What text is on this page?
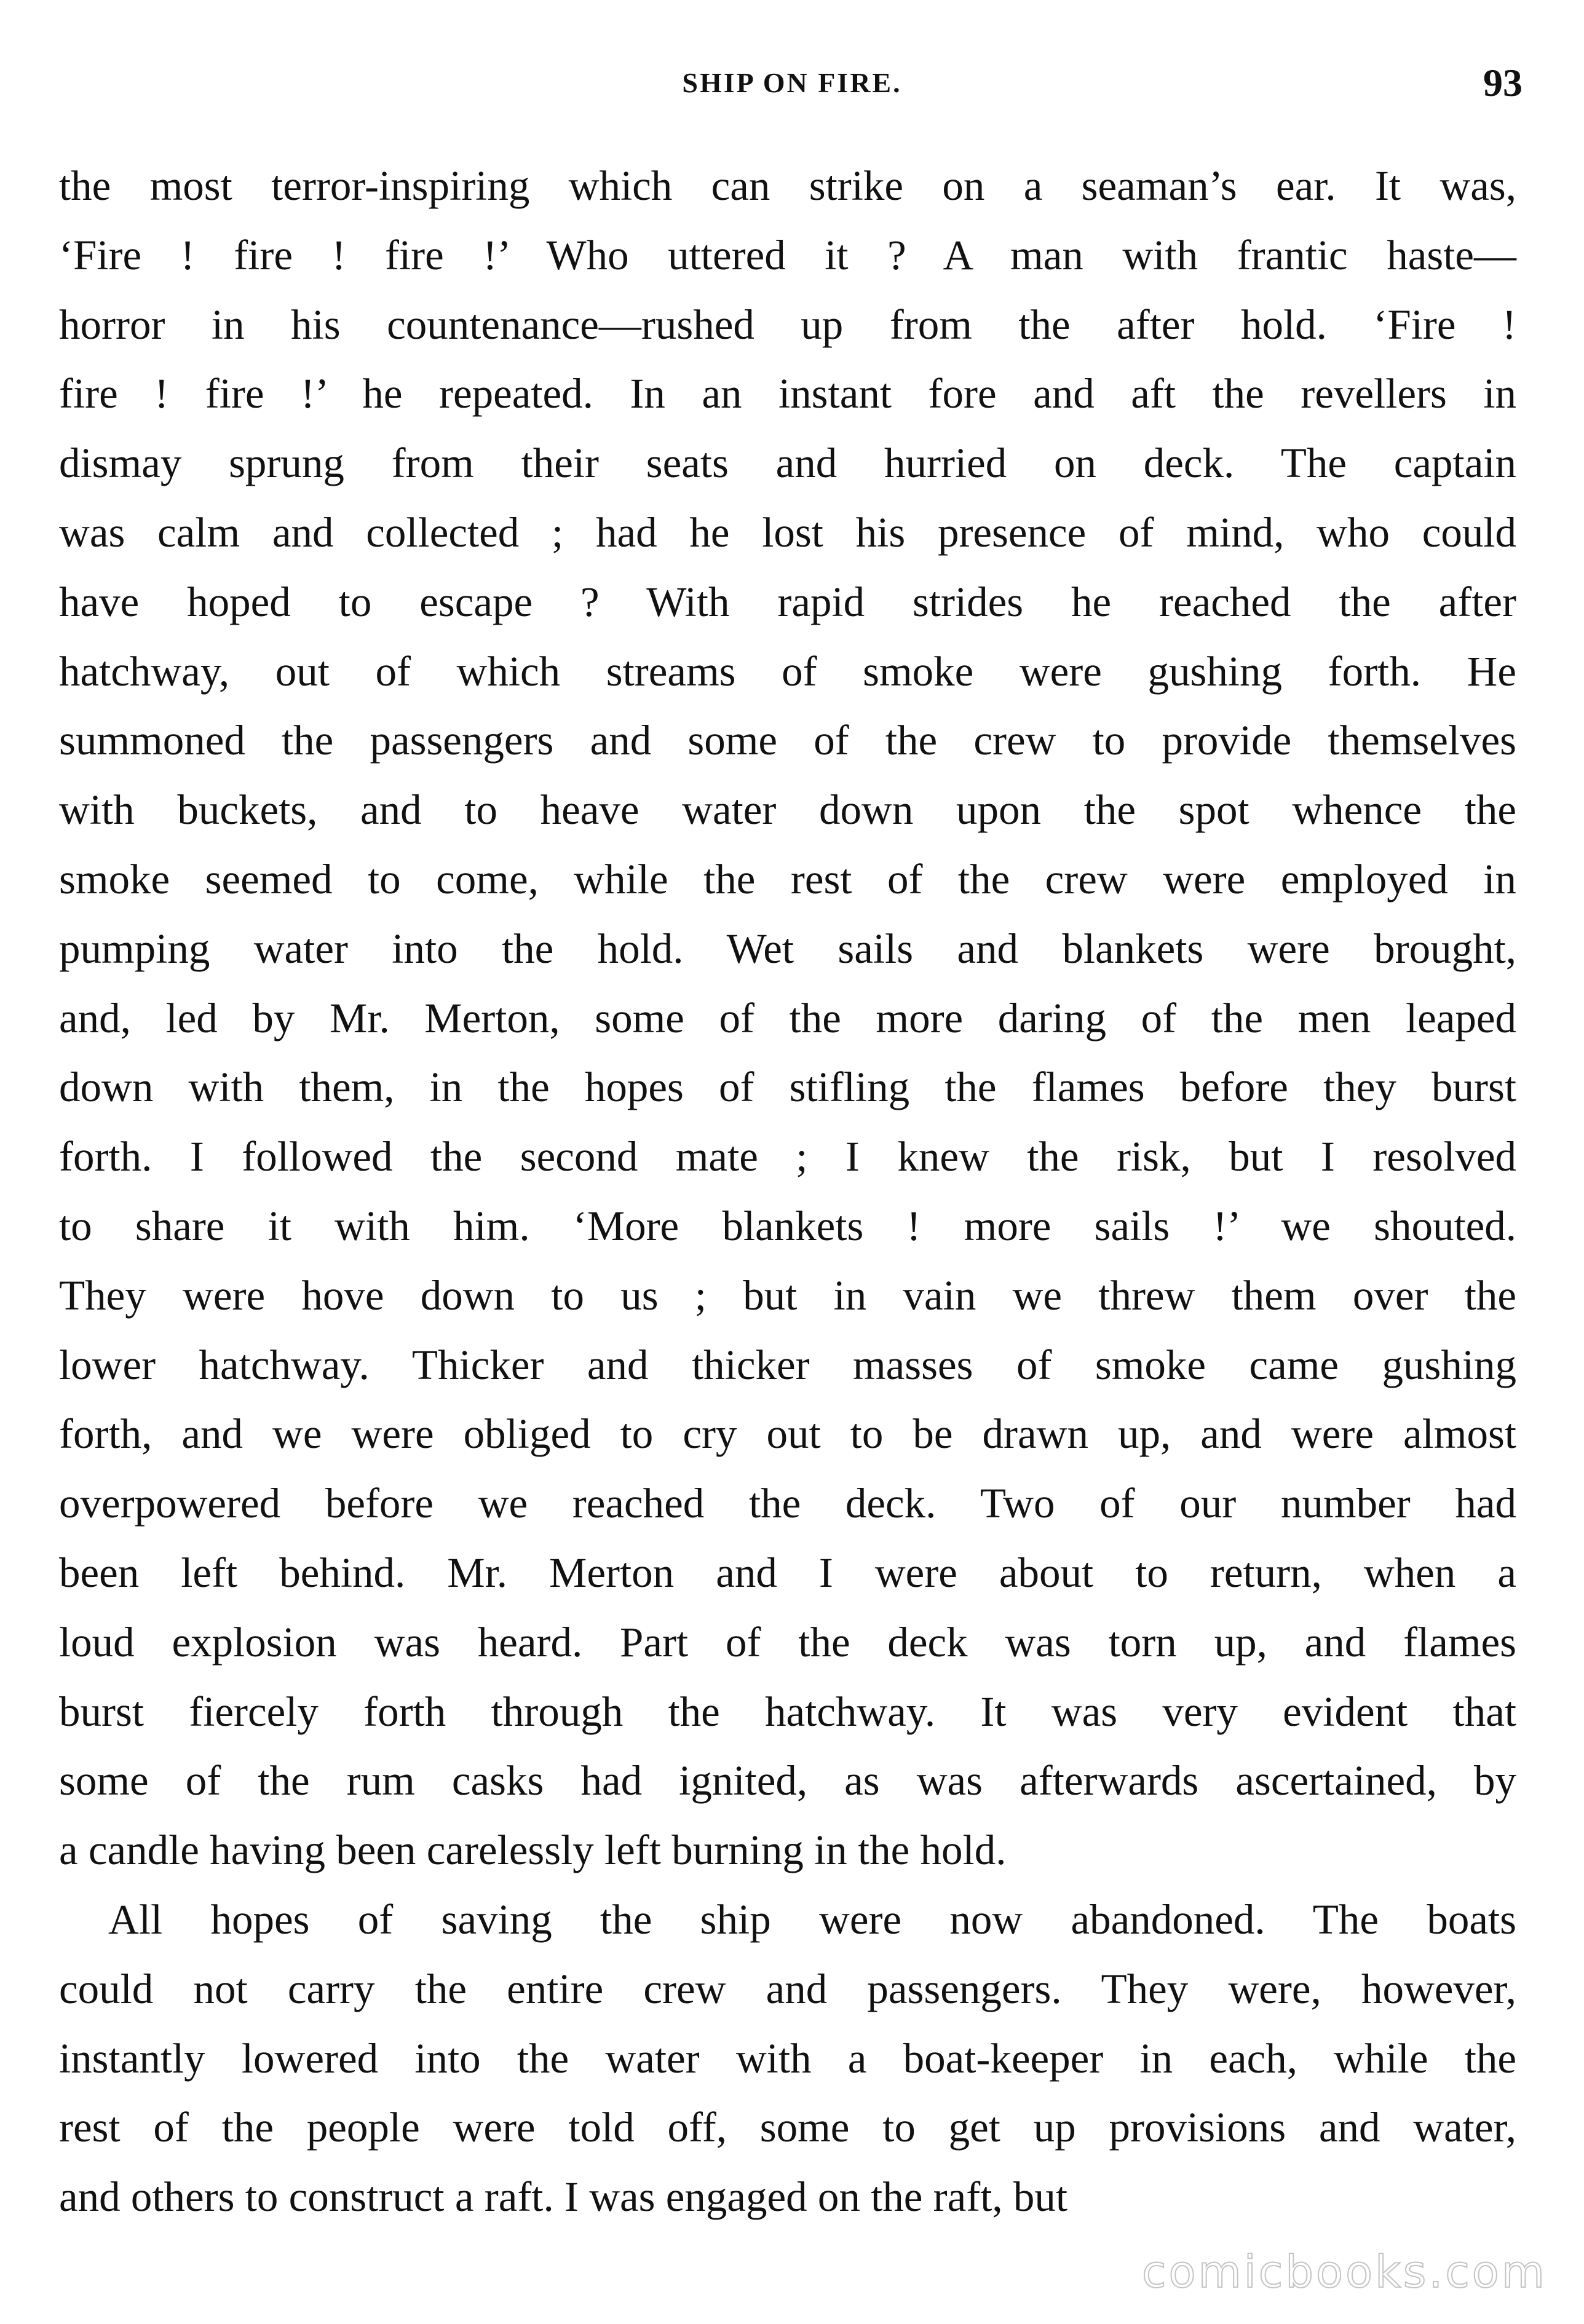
SHIP ON FIRE.	93
the most terror-inspiring which can strike on a seaman’s ear. It was,
‘Fire ! fire ! fire !’ Who uttered it ? A man with frantic haste—
horror in his countenance—rushed up from the after hold. ‘Fire !
fire ! fire !’ he repeated. In an instant fore and aft the revellers in
dismay sprung from their seats and hurried on deck. The captain
was calm and collected ; had he lost his presence of mind, who could
have hoped to escape ? With rapid strides he reached the after
hatchway, out of which streams of smoke were gushing forth. He
summoned the passengers and some of the crew to provide themselves
with buckets, and to heave water down upon the spot whence the
smoke seemed to come, while the rest of the crew were employed in
pumping water into the hold. Wet sails and blankets were brought,
and, led by Mr. Merton, some of the more daring of the men leaped
down with them, in the hopes of stifling the flames before they burst
forth. I followed the second mate ; I knew the risk, but I resolved
to share it with him. ‘More blankets ! more sails !’ we shouted.
They were hove down to us ; but in vain we threw them over the
lower hatchway. Thicker and thicker masses of smoke came gushing
forth, and we were obliged to cry out to be drawn up, and were almost
overpowered before we reached the deck. Two of our number had
been left behind. Mr. Merton and I were about to return, when a
loud explosion was heard. Part of the deck was torn up, and flames
burst fiercely forth through the hatchway. It was very evident that
some of the rum casks had ignited, as was afterwards ascertained, by
a candle having been carelessly left burning in the hold.
All hopes of saving the ship were now abandoned. The boats
could not carry the entire crew and passengers. They were, however,
instantly lowered into the water with a boat-keeper in each, while the
rest of the people were told off, some to get up provisions and water,
and others to construct a raft. I was engaged on the raft, but
comicbooks.com
